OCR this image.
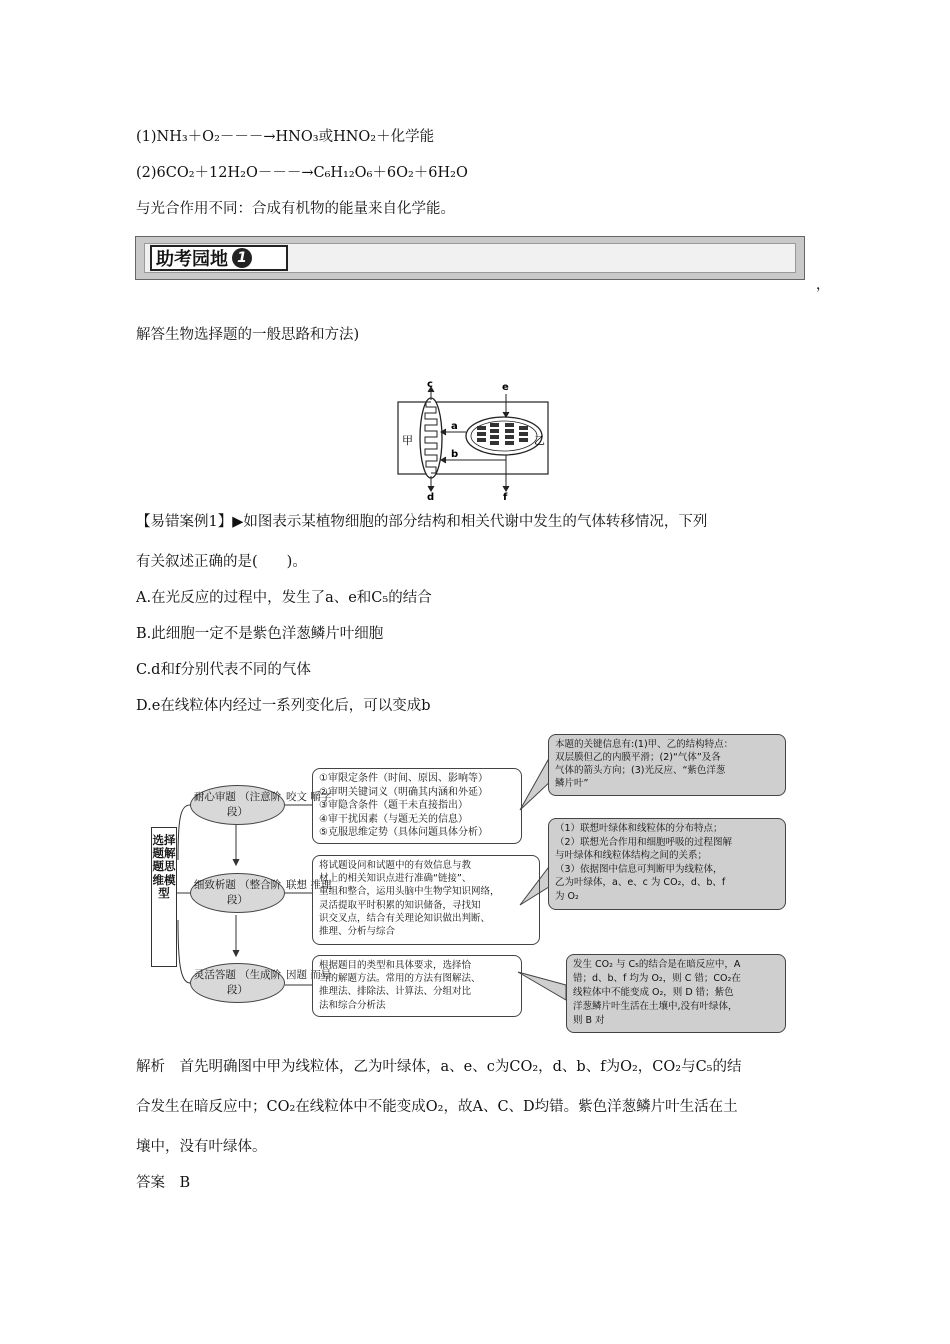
(1)NH₃＋O₂－－－→HNO₃或HNO₂＋化学能
(2)6CO₂＋12H₂O－－－→C₆H₁₂O₆＋6O₂＋6H₂O
与光合作用不同：合成有机物的能量来自化学能。
助考园地 1
，
解答生物选择题的一般思路和方法)
c	e
a
b
d	f
甲	乙
【易错案例1】▶如图表示某植物细胞的部分结构和相关代谢中发生的气体转移情况，下列
有关叙述正确的是(　　)。
A.在光反应的过程中，发生了a、e和C₅的结合
B.此细胞一定不是紫色洋葱鳞片叶细胞
C.d和f分别代表不同的气体
D.e在线粒体内经过一系列变化后，可以变成b
选择题解题思维模型
耐心审题 （注意阶段）
咬文 嚼字
①审限定条件（时间、原因、影响等）
②审明关键词义（明确其内涵和外延）
③审隐含条件（题干未直接指出）
④审干扰因素（与题无关的信息）
⑤克服思维定势（具体问题具体分析）
本题的关键信息有:(1)甲、乙的结构特点：
双层膜但乙的内膜平滑；(2)“气体”及各
气体的箭头方向；(3)光反应、“紫色洋葱
鳞片叶”
细致析题 （整合阶段）
联想 推理
将试题设问和试题中的有效信息与教
材上的相关知识点进行准确“链接”、
重组和整合，运用头脑中生物学知识网络，
灵活提取平时积累的知识储备，寻找知
识交叉点，结合有关理论知识做出判断、
推理、分析与综合
（1）联想叶绿体和线粒体的分布特点；
（2）联想光合作用和细胞呼吸的过程图解
与叶绿体和线粒体结构之间的关系；
（3）依据图中信息可判断甲为线粒体，
乙为叶绿体，a、e、c 为 CO₂，d、b、f
为 O₂
灵活答题 （生成阶段）
因题 而异
根据题目的类型和具体要求，选择恰
当的解题方法。常用的方法有图解法、
推理法、排除法、计算法、分组对比
法和综合分析法
发生 CO₂ 与 C₅的结合是在暗反应中，A
错；d、b、f 均为 O₂，则 C 错；CO₂在
线粒体中不能变成 O₂，则 D 错；紫色
洋葱鳞片叶生活在土壤中,没有叶绿体，
则 B 对
解析　首先明确图中甲为线粒体，乙为叶绿体，a、e、c为CO₂，d、b、f为O₂，CO₂与C₅的结
合发生在暗反应中；CO₂在线粒体中不能变成O₂，故A、C、D均错。紫色洋葱鳞片叶生活在土
壤中，没有叶绿体。
答案　B
